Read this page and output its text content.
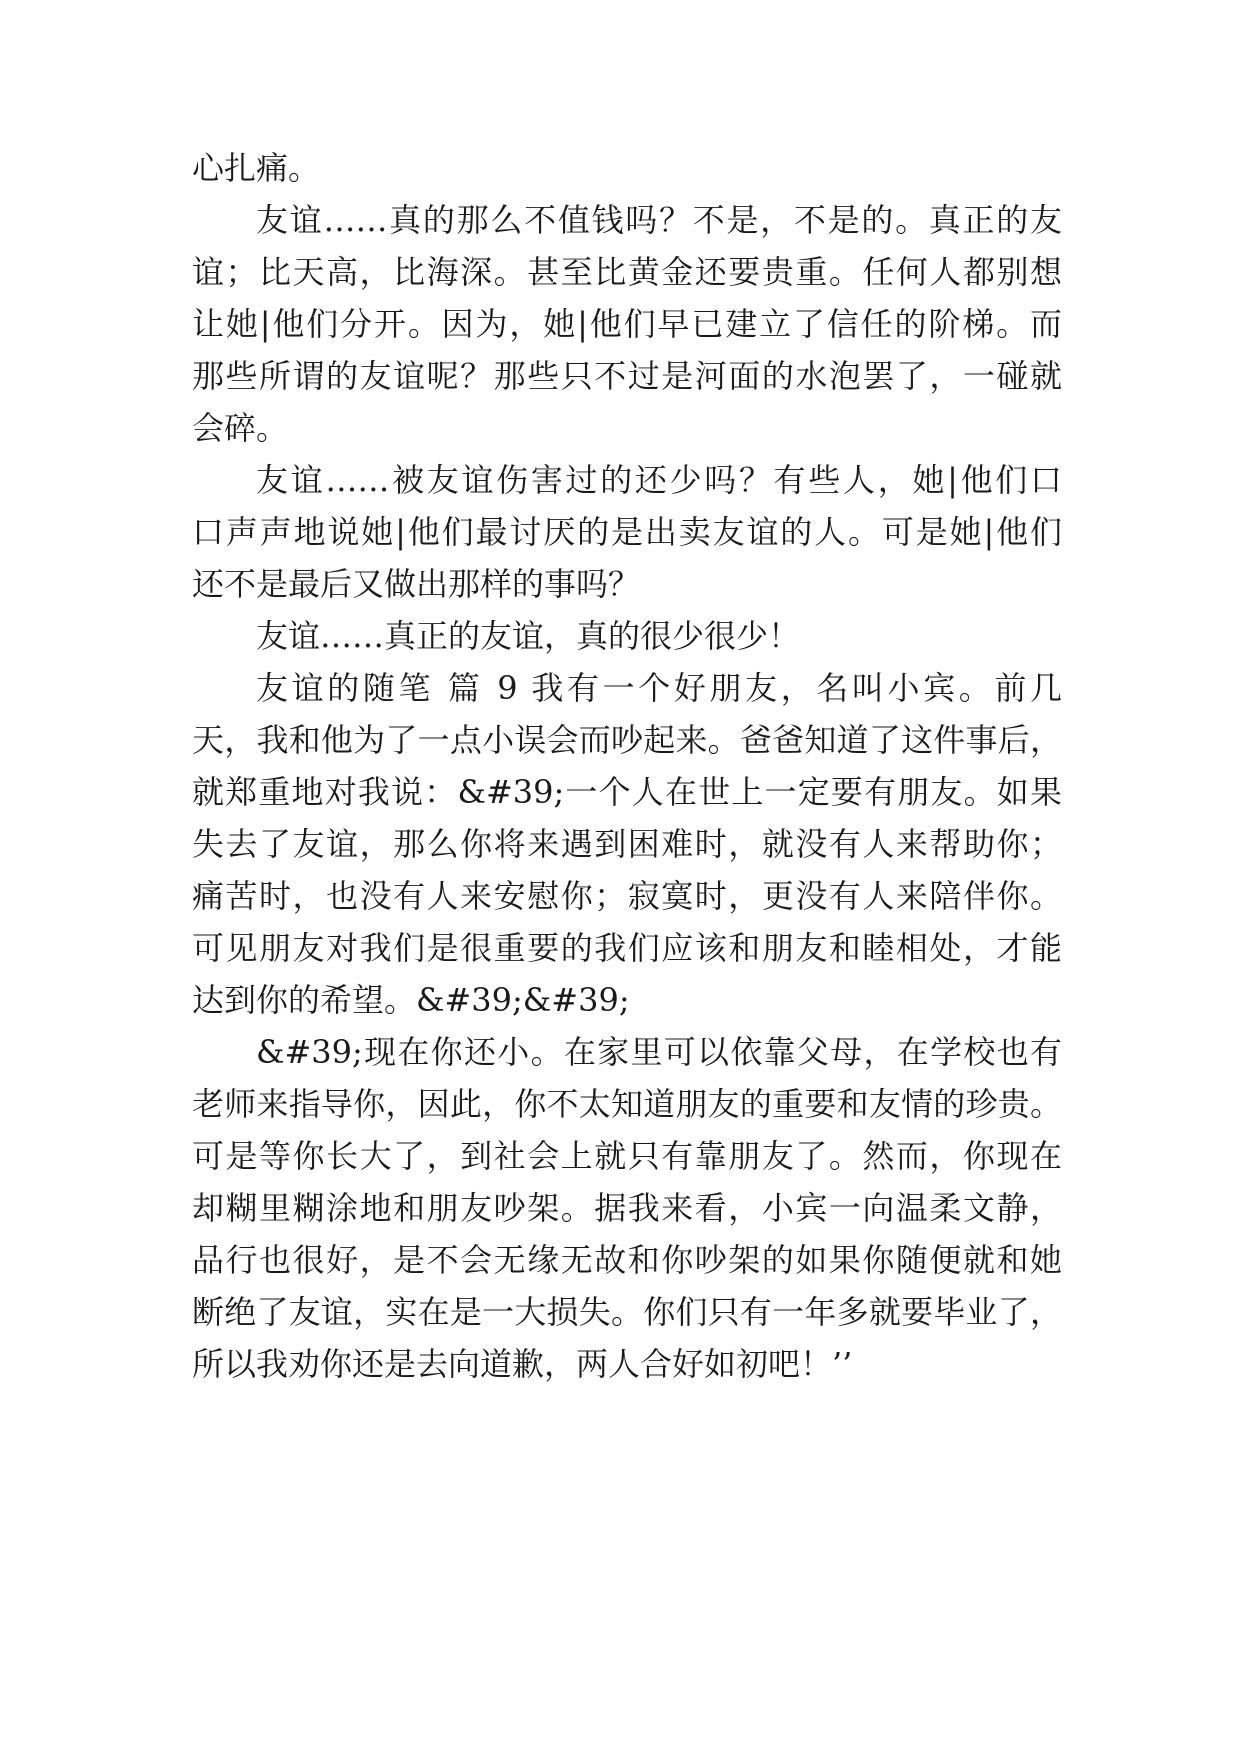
心扎痛。
友谊……真的那么不值钱吗？不是，不是的。真正的友
谊；比天高，比海深。甚至比黄金还要贵重。任何人都别想
让她|他们分开。因为，她|他们早已建立了信任的阶梯。而
那些所谓的友谊呢？那些只不过是河面的水泡罢了，一碰就
会碎。
友谊……被友谊伤害过的还少吗？有些人，她|他们口
口声声地说她|他们最讨厌的是出卖友谊的人。可是她|他们
还不是最后又做出那样的事吗？
友谊……真正的友谊，真的很少很少！
友谊的随笔 篇 9 我有一个好朋友，名叫小宾。前几
天，我和他为了一点小误会而吵起来。爸爸知道了这件事后，
就郑重地对我说：&#39;一个人在世上一定要有朋友。如果
失去了友谊，那么你将来遇到困难时，就没有人来帮助你；
痛苦时，也没有人来安慰你；寂寞时，更没有人来陪伴你。
可见朋友对我们是很重要的我们应该和朋友和睦相处，才能
达到你的希望。&#39;&#39;
&#39;现在你还小。在家里可以依靠父母，在学校也有
老师来指导你，因此，你不太知道朋友的重要和友情的珍贵。
可是等你长大了，到社会上就只有靠朋友了。然而，你现在
却糊里糊涂地和朋友吵架。据我来看，小宾一向温柔文静，
品行也很好，是不会无缘无故和你吵架的如果你随便就和她
断绝了友谊，实在是一大损失。你们只有一年多就要毕业了，
所以我劝你还是去向道歉，两人合好如初吧！’’
